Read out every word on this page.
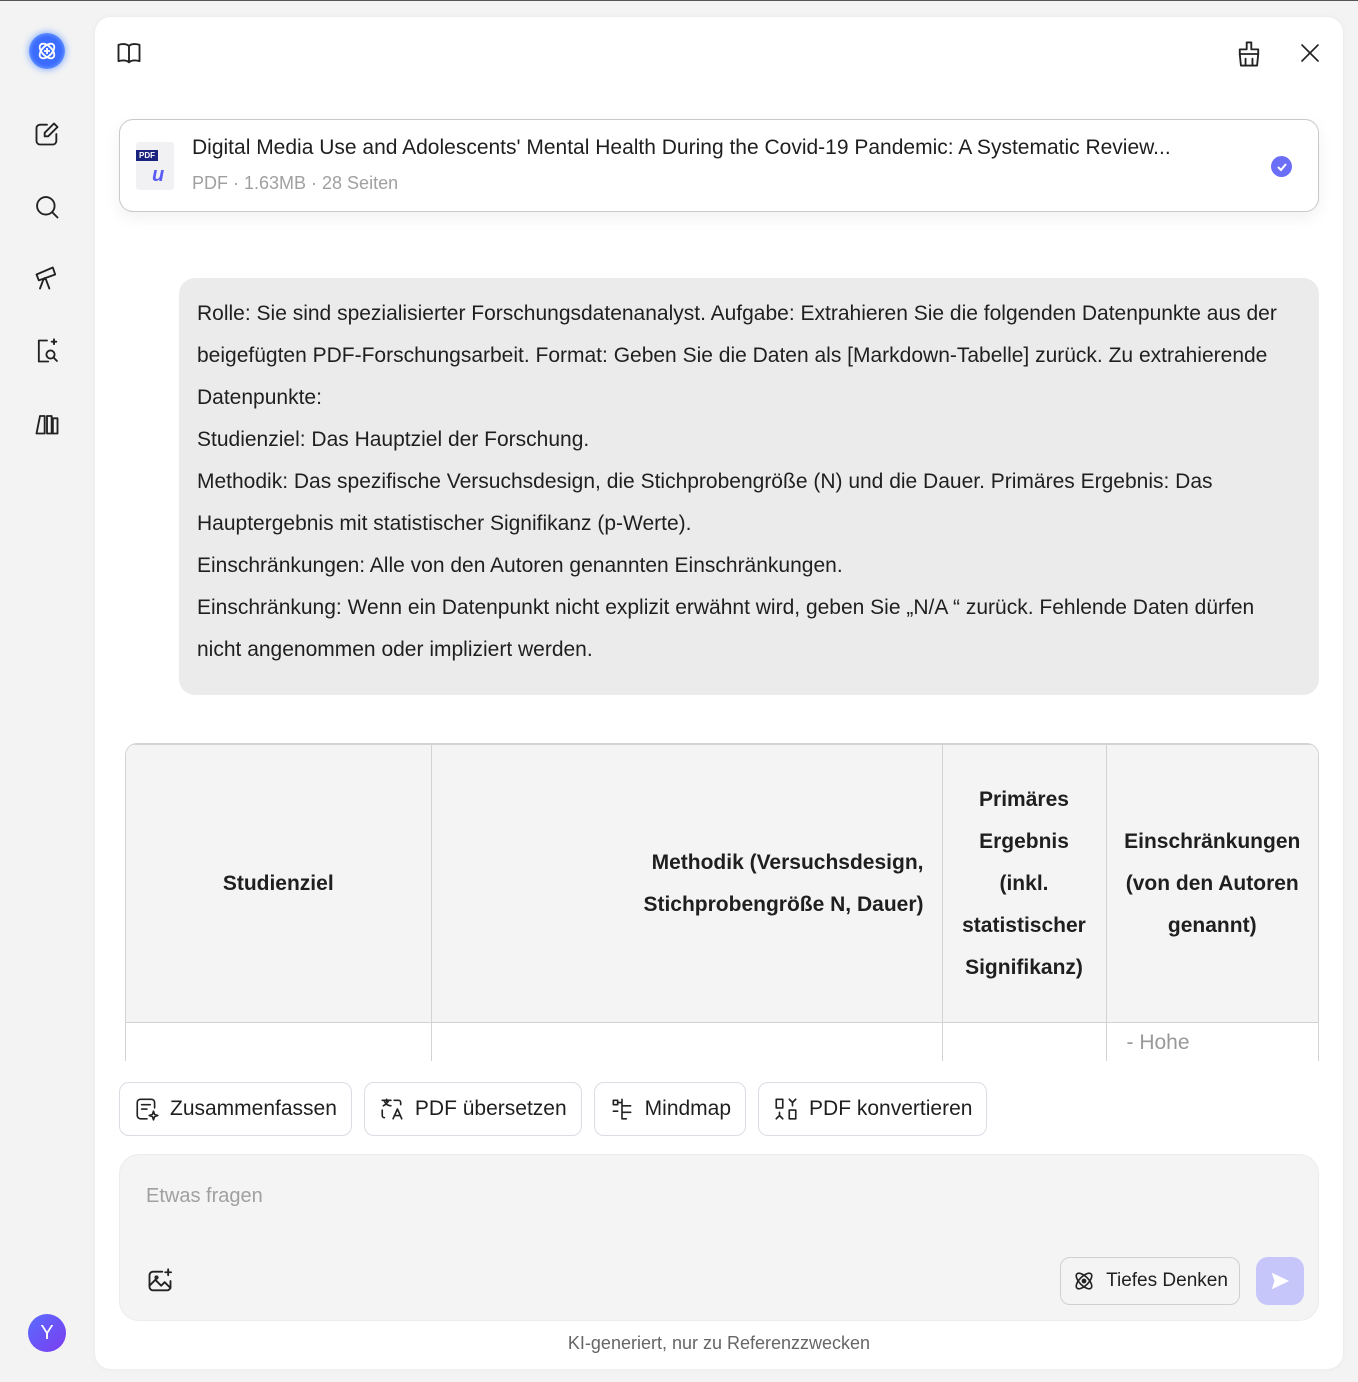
Y
PDF
u
Digital Media Use and Adolescents' Mental Health During the Covid-19 Pandemic: A Systematic Review...
PDF · 1.63MB · 28 Seiten
Rolle: Sie sind spezialisierter Forschungsdatenanalyst. Aufgabe: Extrahieren Sie die folgenden Datenpunkte aus der beigefügten PDF-Forschungsarbeit. Format: Geben Sie die Daten als [Markdown-Tabelle] zurück. Zu extrahierende Datenpunkte:
Studienziel: Das Hauptziel der Forschung.
Methodik: Das spezifische Versuchsdesign, die Stichprobengröße (N) und die Dauer. Primäres Ergebnis: Das Hauptergebnis mit statistischer Signifikanz (p-Werte).
Einschränkungen: Alle von den Autoren genannten Einschränkungen.
Einschränkung: Wenn ein Datenpunkt nicht explizit erwähnt wird, geben Sie „N/A “ zurück. Fehlende Daten dürfen nicht angenommen oder impliziert werden.
Studienziel	Methodik (Versuchsdesign, Stichprobengröße N, Dauer)	Primäres Ergebnis (inkl. statistischer Signifikanz)	Einschränkungen (von den Autoren genannt)
			- Hohe
Zusammenfassen	PDF übersetzen	Mindmap	PDF konvertieren
Etwas fragen
Tiefes Denken
KI-generiert, nur zu Referenzzwecken
